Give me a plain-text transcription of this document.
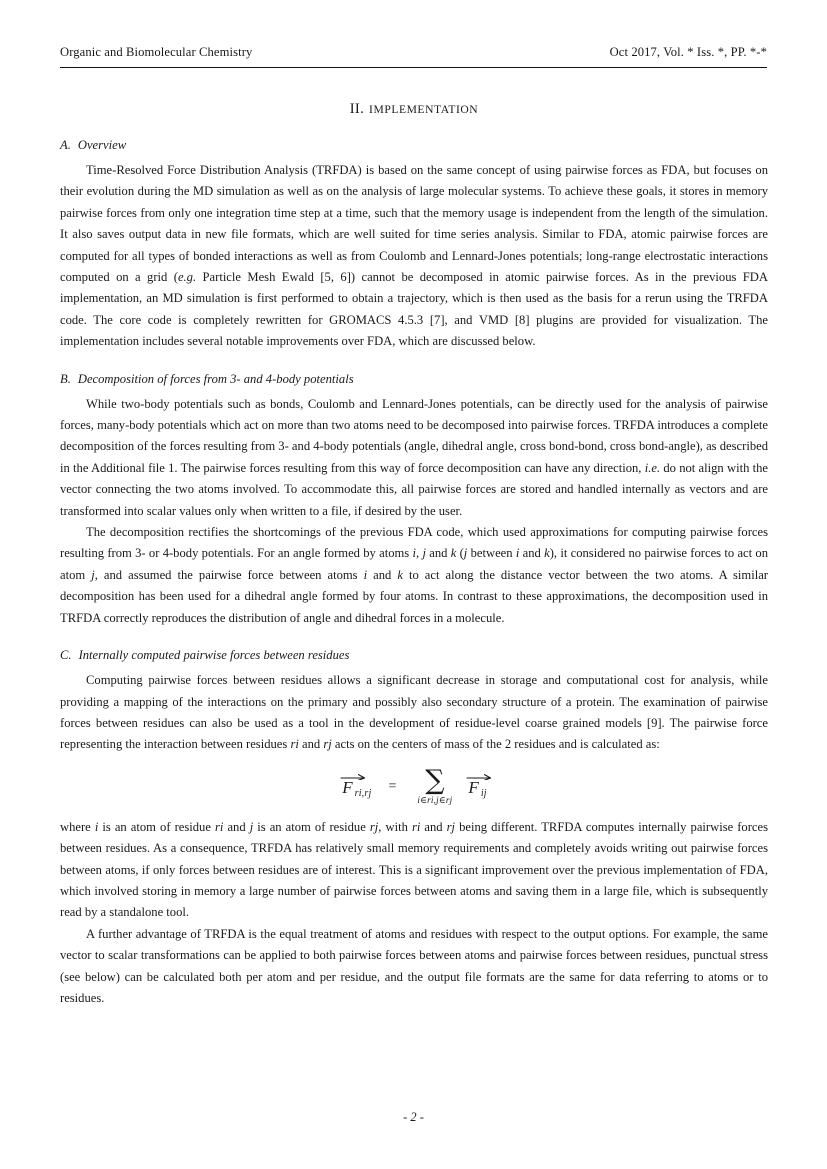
Organic and Biomolecular Chemistry	Oct 2017, Vol. * Iss. *, PP. *-*
II. IMPLEMENTATION
A. Overview

Time-Resolved Force Distribution Analysis (TRFDA) is based on the same concept of using pairwise forces as FDA, but focuses on their evolution during the MD simulation as well as on the analysis of large molecular systems. To achieve these goals, it stores in memory pairwise forces from only one integration time step at a time, such that the memory usage is independent from the length of the simulation. It also saves output data in new file formats, which are well suited for time series analysis. Similar to FDA, atomic pairwise forces are computed for all types of bonded interactions as well as from Coulomb and Lennard-Jones potentials; long-range electrostatic interactions computed on a grid (e.g. Particle Mesh Ewald [5, 6]) cannot be decomposed in atomic pairwise forces. As in the previous FDA implementation, an MD simulation is first performed to obtain a trajectory, which is then used as the basis for a rerun using the TRFDA code. The core code is completely rewritten for GROMACS 4.5.3 [7], and VMD [8] plugins are provided for visualization. The implementation includes several notable improvements over FDA, which are discussed below.

B. Decomposition of forces from 3- and 4-body potentials

While two-body potentials such as bonds, Coulomb and Lennard-Jones potentials, can be directly used for the analysis of pairwise forces, many-body potentials which act on more than two atoms need to be decomposed into pairwise forces. TRFDA introduces a complete decomposition of the forces resulting from 3- and 4-body potentials (angle, dihedral angle, cross bond-bond, cross bond-angle), as described in the Additional file 1. The pairwise forces resulting from this way of force decomposition can have any direction, i.e. do not align with the vector connecting the two atoms involved. To accommodate this, all pairwise forces are stored and handled internally as vectors and are transformed into scalar values only when written to a file, if desired by the user.

The decomposition rectifies the shortcomings of the previous FDA code, which used approximations for computing pairwise forces resulting from 3- or 4-body potentials. For an angle formed by atoms i, j and k (j between i and k), it considered no pairwise forces to act on atom j, and assumed the pairwise force between atoms i and k to act along the distance vector between the two atoms. A similar decomposition has been used for a dihedral angle formed by four atoms. In contrast to these approximations, the decomposition used in TRFDA correctly reproduces the distribution of angle and dihedral forces in a molecule.

C. Internally computed pairwise forces between residues

Computing pairwise forces between residues allows a significant decrease in storage and computational cost for analysis, while providing a mapping of the interactions on the primary and possibly also secondary structure of a protein. The examination of pairwise forces between residues can also be used as a tool in the development of residue-level coarse grained models [9]. The pairwise force representing the interaction between residues ri and rj acts on the centers of mass of the 2 residues and is calculated as:

F ri,rj = ∑
i∈ri,j∈rj
F ij

where i is an atom of residue ri and j is an atom of residue rj, with ri and rj being different. TRFDA computes internally pairwise forces between residues. As a consequence, TRFDA has relatively small memory requirements and completely avoids writing out pairwise forces between atoms, if only forces between residues are of interest. This is a significant improvement over the previous implementation of FDA, which involved storing in memory a large number of pairwise forces between atoms and saving them in a large file, which is subsequently read by a standalone tool.

A further advantage of TRFDA is the equal treatment of atoms and residues with respect to the output options. For example, the same vector to scalar transformations can be applied to both pairwise forces between atoms and pairwise forces between residues, punctual stress (see below) can be calculated both per atom and per residue, and the output file formats are the same for data referring to atoms or to residues.

- 2 -
